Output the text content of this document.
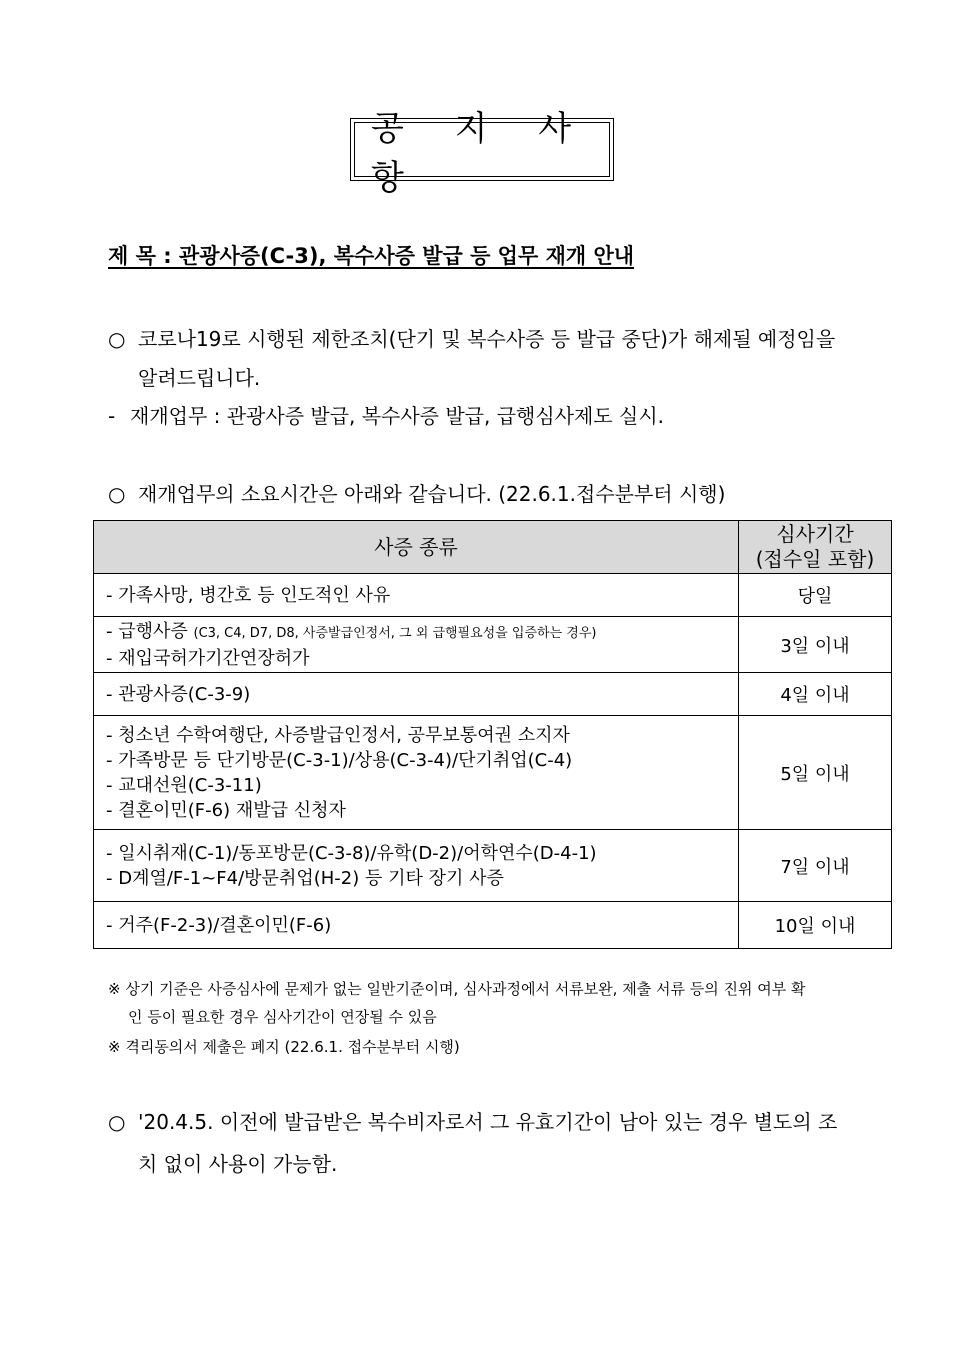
공 지 사 항
제 목 : 관광사증(C-3), 복수사증 발급 등 업무 재개 안내
○ 코로나19로 시행된 제한조치(단기 및 복수사증 등 발급 중단)가 해제될 예정임을
알려드립니다.
- 재개업무 : 관광사증 발급, 복수사증 발급, 급행심사제도 실시.
○ 재개업무의 소요시간은 아래와 같습니다. (22.6.1.접수분부터 시행)
사증 종류	심사기간
(접수일 포함)

- 가족사망, 병간호 등 인도적인 사유	당일

- 급행사증 (C3, C4, D7, D8, 사증발급인정서, 그 외 급행필요성을 입증하는 경우)
- 재입국허가기간연장허가	3일 이내
- 관광사증(C-3-9)	4일 이내

- 청소년 수학여행단, 사증발급인정서, 공무보통여권 소지자
- 가족방문 등 단기방문(C-3-1)/상용(C-3-4)/단기취업(C-4)
- 교대선원(C-3-11)
- 결혼이민(F-6) 재발급 신청자	5일 이내

- 일시취재(C-1)/동포방문(C-3-8)/유학(D-2)/어학연수(D-4-1)
- D계열/F-1~F4/방문취업(H-2) 등 기타 장기 사증	7일 이내
- 거주(F-2-3)/결혼이민(F-6)	10일 이내
※ 상기 기준은 사증심사에 문제가 없는 일반기준이며, 심사과정에서 서류보완, 제출 서류 등의 진위 여부 확
인 등이 필요한 경우 심사기간이 연장될 수 있음
※ 격리동의서 제출은 폐지 (22.6.1. 접수분부터 시행)
○ '20.4.5. 이전에 발급받은 복수비자로서 그 유효기간이 남아 있는 경우 별도의 조
치 없이 사용이 가능함.
